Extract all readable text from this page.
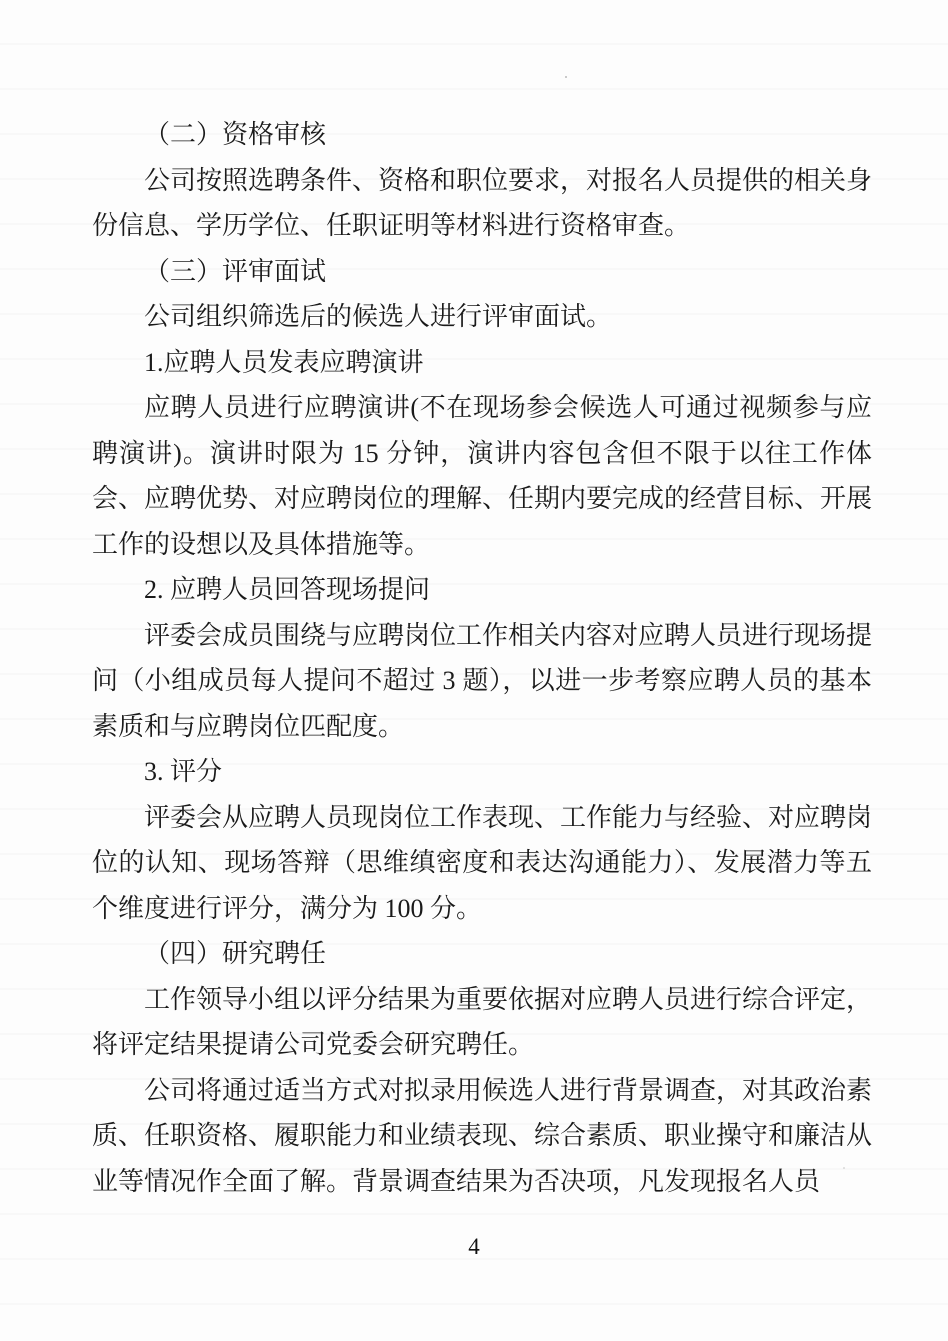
（二）资格审核

公司按照选聘条件、资格和职位要求，对报名人员提供的相关身份信息、学历学位、任职证明等材料进行资格审查。

（三）评审面试

公司组织筛选后的候选人进行评审面试。

1.应聘人员发表应聘演讲

应聘人员进行应聘演讲(不在现场参会候选人可通过视频参与应聘演讲)。演讲时限为 15 分钟，演讲内容包含但不限于以往工作体会、应聘优势、对应聘岗位的理解、任期内要完成的经营目标、开展工作的设想以及具体措施等。

2. 应聘人员回答现场提问

评委会成员围绕与应聘岗位工作相关内容对应聘人员进行现场提问（小组成员每人提问不超过 3 题），以进一步考察应聘人员的基本素质和与应聘岗位匹配度。

3. 评分

评委会从应聘人员现岗位工作表现、工作能力与经验、对应聘岗位的认知、现场答辩（思维缜密度和表达沟通能力）、发展潜力等五个维度进行评分，满分为 100 分。

（四）研究聘任

工作领导小组以评分结果为重要依据对应聘人员进行综合评定，将评定结果提请公司党委会研究聘任。

公司将通过适当方式对拟录用候选人进行背景调查，对其政治素质、任职资格、履职能力和业绩表现、综合素质、职业操守和廉洁从业等情况作全面了解。背景调查结果为否决项，凡发现报名人员

4
